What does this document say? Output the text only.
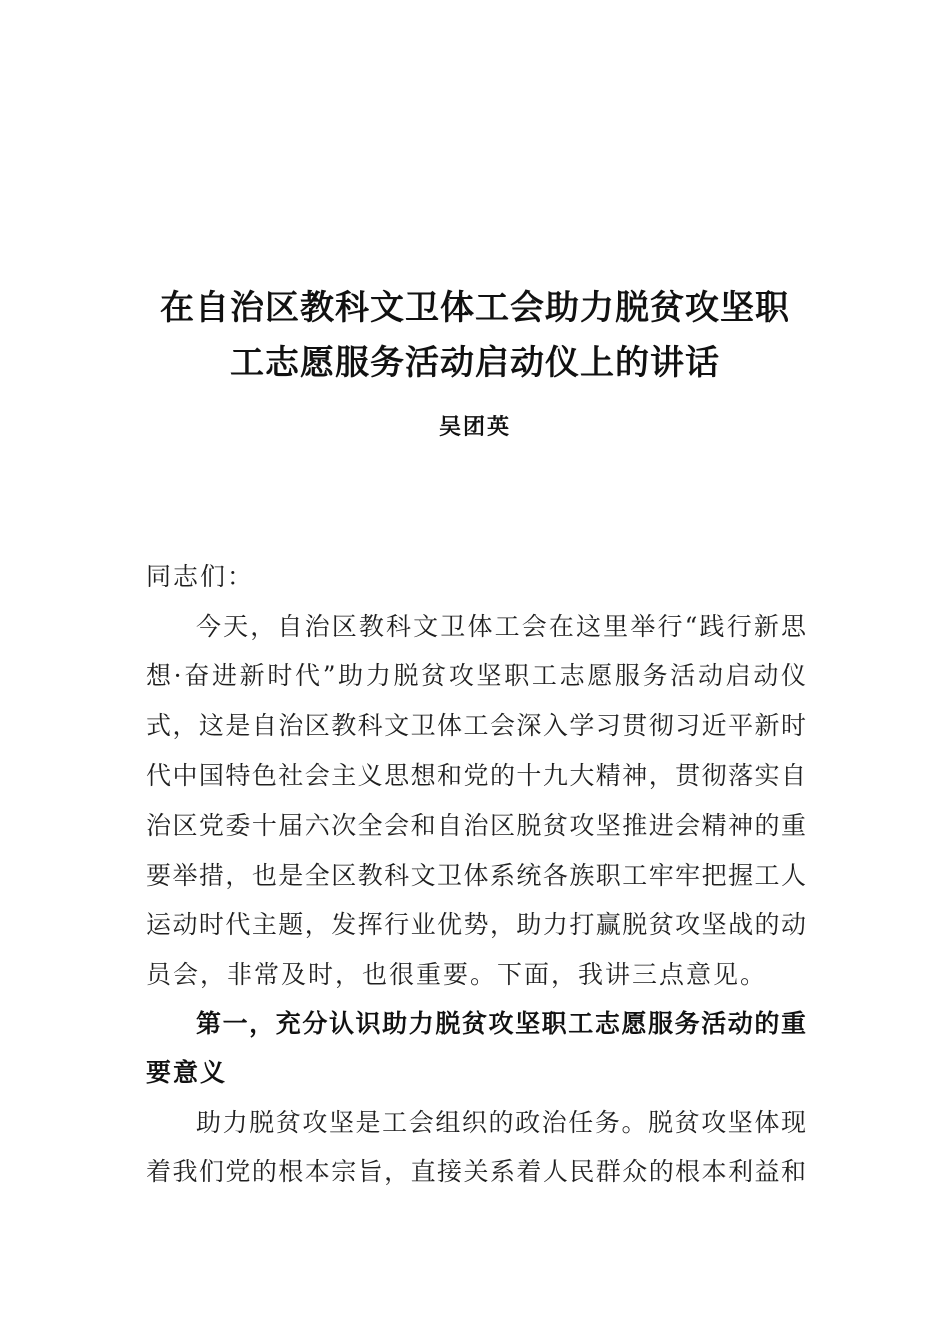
在自治区教科文卫体工会助力脱贫攻坚职
工志愿服务活动启动仪上的讲话
吴团英
同志们：
今天，自治区教科文卫体工会在这里举行“践行新思
想·奋进新时代”助力脱贫攻坚职工志愿服务活动启动仪
式，这是自治区教科文卫体工会深入学习贯彻习近平新时
代中国特色社会主义思想和党的十九大精神，贯彻落实自
治区党委十届六次全会和自治区脱贫攻坚推进会精神的重
要举措，也是全区教科文卫体系统各族职工牢牢把握工人
运动时代主题，发挥行业优势，助力打赢脱贫攻坚战的动
员会，非常及时，也很重要。下面，我讲三点意见。
第一，充分认识助力脱贫攻坚职工志愿服务活动的重
要意义
助力脱贫攻坚是工会组织的政治任务。脱贫攻坚体现
着我们党的根本宗旨，直接关系着人民群众的根本利益和
